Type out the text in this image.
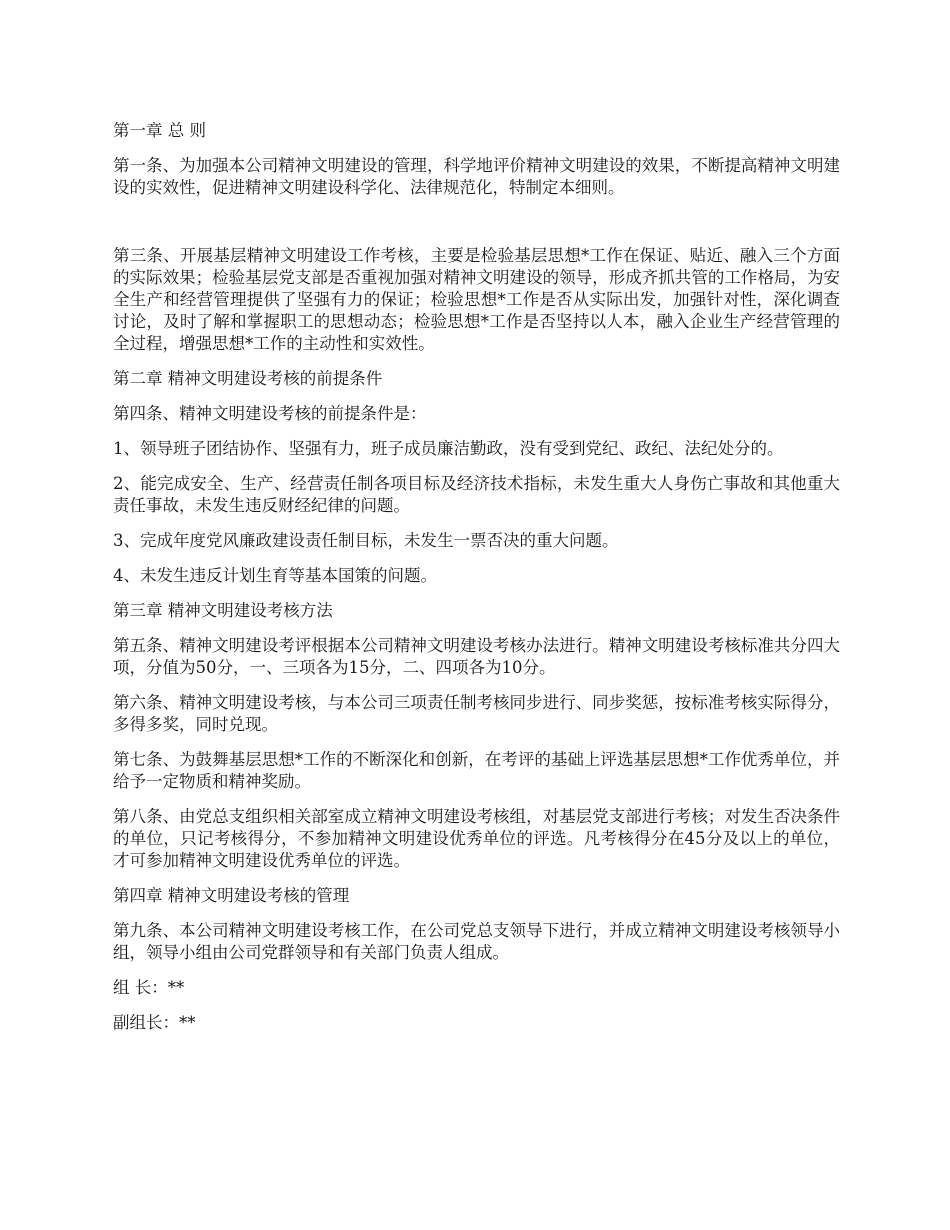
第一章 总 则

第一条、为加强本公司精神文明建设的管理，科学地评价精神文明建设的效果，不断提高精神文明建设的实效性，促进精神文明建设科学化、法律规范化，特制定本细则。

第三条、开展基层精神文明建设工作考核，主要是检验基层思想*工作在保证、贴近、融入三个方面的实际效果；检验基层党支部是否重视加强对精神文明建设的领导，形成齐抓共管的工作格局，为安全生产和经营管理提供了坚强有力的保证；检验思想*工作是否从实际出发，加强针对性，深化调查讨论，及时了解和掌握职工的思想动态；检验思想*工作是否坚持以人本，融入企业生产经营管理的全过程，增强思想*工作的主动性和实效性。

第二章 精神文明建设考核的前提条件

第四条、精神文明建设考核的前提条件是：

1、领导班子团结协作、坚强有力，班子成员廉洁勤政，没有受到党纪、政纪、法纪处分的。

2、能完成安全、生产、经营责任制各项目标及经济技术指标，未发生重大人身伤亡事故和其他重大责任事故，未发生违反财经纪律的问题。

3、完成年度党风廉政建设责任制目标，未发生一票否决的重大问题。

4、未发生违反计划生育等基本国策的问题。

第三章 精神文明建设考核方法

第五条、精神文明建设考评根据本公司精神文明建设考核办法进行。精神文明建设考核标准共分四大项，分值为50分，一、三项各为15分，二、四项各为10分。

第六条、精神文明建设考核，与本公司三项责任制考核同步进行、同步奖惩，按标准考核实际得分，多得多奖，同时兑现。

第七条、为鼓舞基层思想*工作的不断深化和创新，在考评的基础上评选基层思想*工作优秀单位，并给予一定物质和精神奖励。

第八条、由党总支组织相关部室成立精神文明建设考核组，对基层党支部进行考核；对发生否决条件的单位，只记考核得分，不参加精神文明建设优秀单位的评选。凡考核得分在45分及以上的单位，才可参加精神文明建设优秀单位的评选。

第四章 精神文明建设考核的管理

第九条、本公司精神文明建设考核工作，在公司党总支领导下进行，并成立精神文明建设考核领导小组，领导小组由公司党群领导和有关部门负责人组成。

组 长：**

副组长：**
